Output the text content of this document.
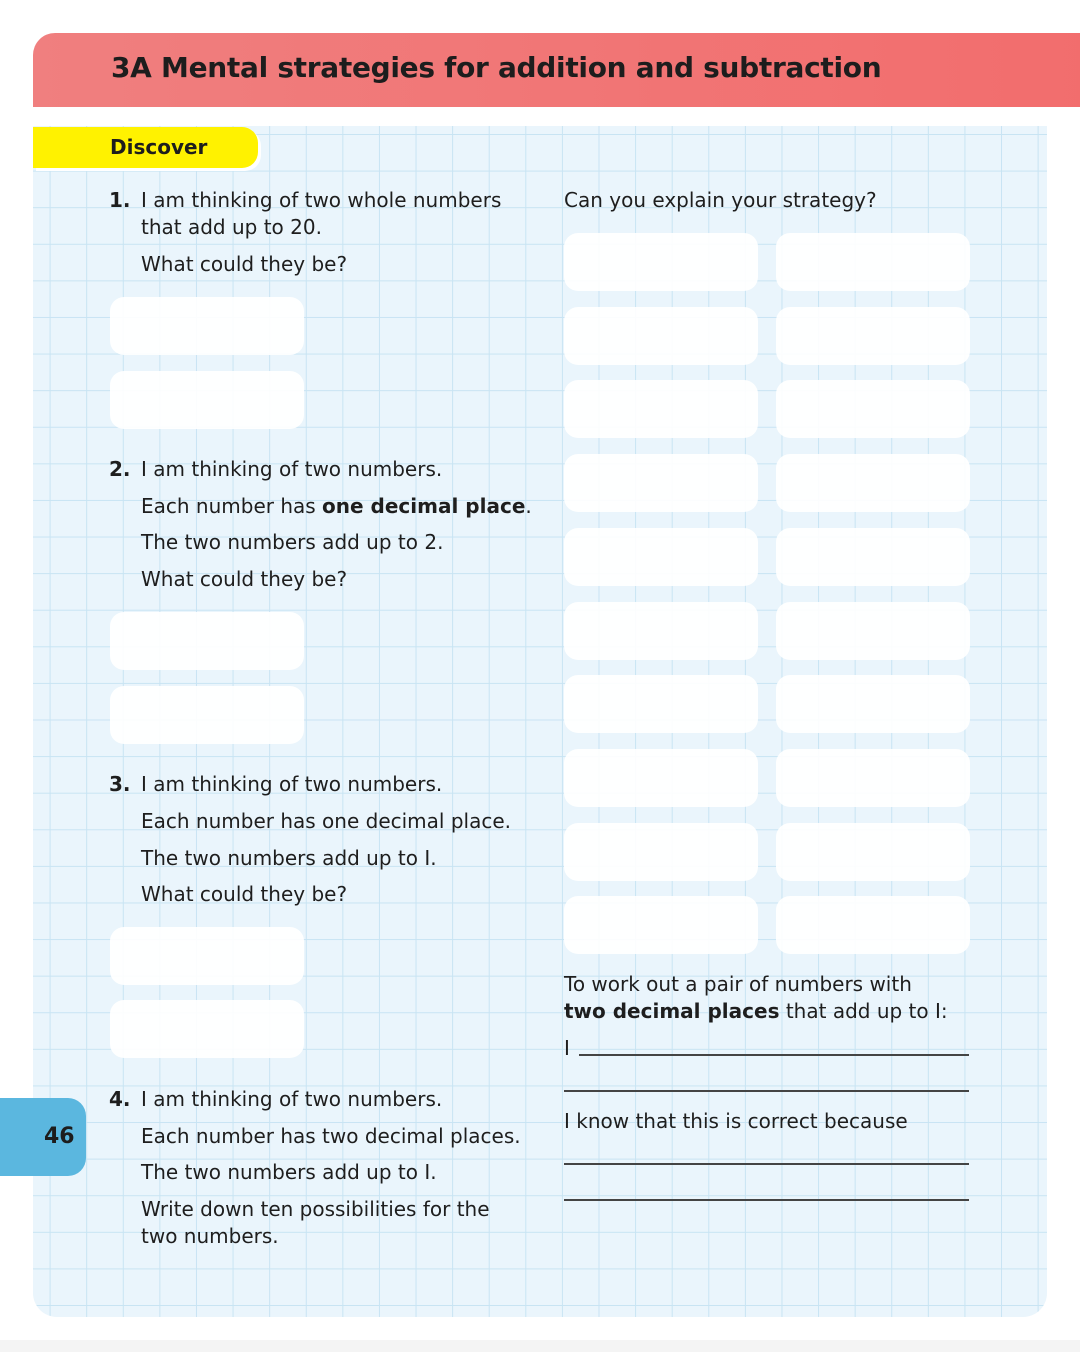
3A Mental strategies for addition and subtraction
Discover
1. I am thinking of two whole numbers
that add up to 20.
What could they be?
2. I am thinking of two numbers.
Each number has one decimal place.
The two numbers add up to 2.
What could they be?
3. I am thinking of two numbers.
Each number has one decimal place.
The two numbers add up to I.
What could they be?
4. I am thinking of two numbers.
Each number has two decimal places.
The two numbers add up to I.
Write down ten possibilities for the
two numbers.
Can you explain your strategy?
To work out a pair of numbers with
two decimal places that add up to I:
I
I know that this is correct because
46
